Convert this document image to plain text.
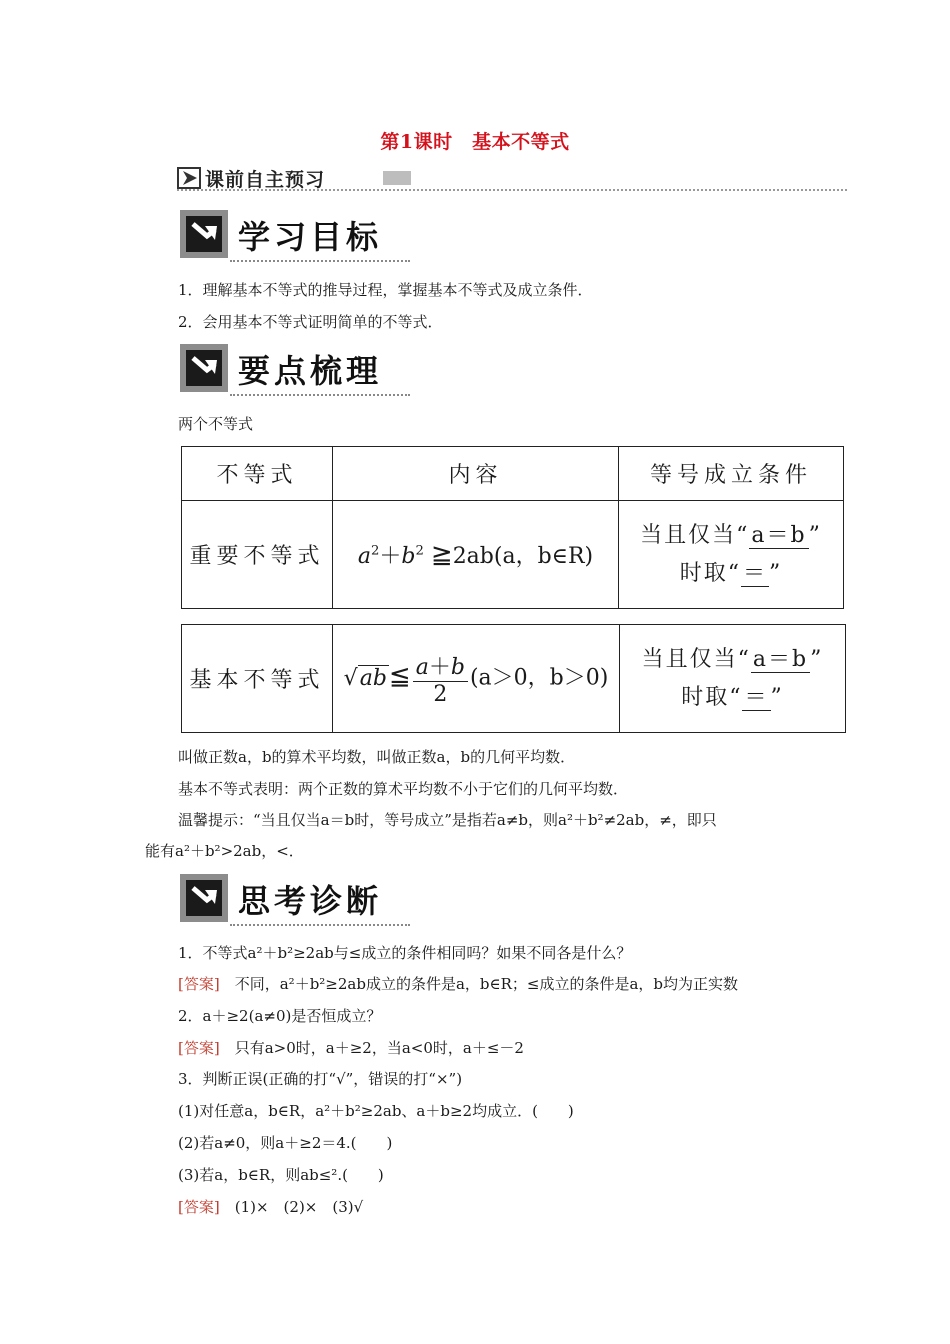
第1课时　基本不等式
课前自主预习
学习目标
1．理解基本不等式的推导过程，掌握基本不等式及成立条件．
2．会用基本不等式证明简单的不等式．
要点梳理
两个不等式
不等式	内容	等号成立条件
重要不等式	$a^2+b^2$ ≧2ab(a，b∈R)	当且仅当“a＝b”
时取“＝”
基本不等式	√ab≦ $\frac{a+b}{2} (a>0$，b＞0)	当且仅当“a＝b”
时取“＝”
叫做正数a，b的算术平均数，叫做正数a，b的几何平均数．
基本不等式表明：两个正数的算术平均数不小于它们的几何平均数．
温馨提示：“当且仅当a＝b时，等号成立”是指若a≠b，则a²＋b²≠2ab，≠，即只
能有a²＋b²>2ab，<．
思考诊断
1．不等式a²＋b²≥2ab与≤成立的条件相同吗？如果不同各是什么？
[答案]　 不同，a²＋b²≥2ab成立的条件是a，b∈R；≤成立的条件是a，b均为正实数
2．a＋≥2(a≠0)是否恒成立？
[答案]　 只有a>0时，a＋≥2，当a<0时，a＋≤－2
3．判断正误(正确的打“√”，错误的打“×”)
(1)对任意a，b∈R，a²＋b²≥2ab、a＋b≥2均成立．(　　)
(2)若a≠0，则a＋≥2＝4.(　　)
(3)若a，b∈R，则ab≤².(　　)
[答案]　 (1)×　(2)×　(3)√
